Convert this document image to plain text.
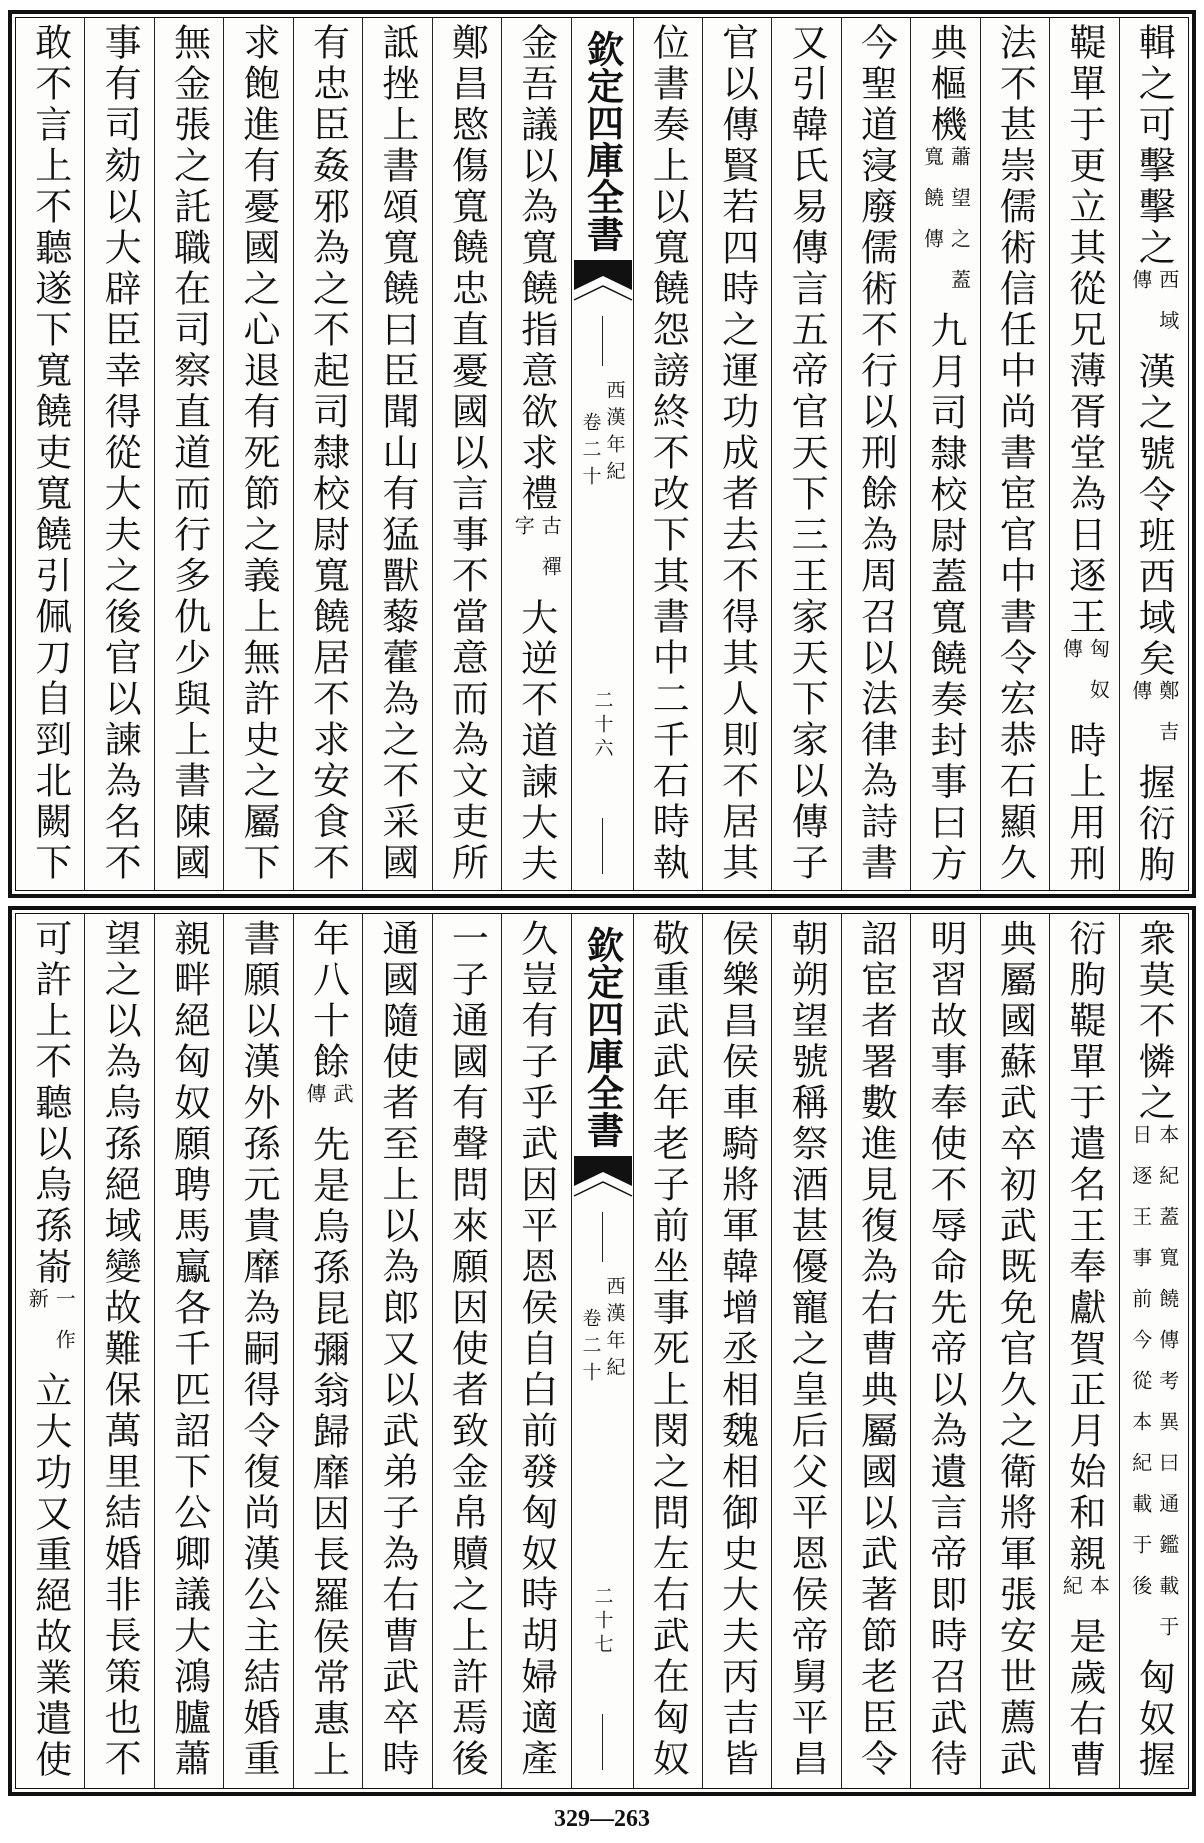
輯之可擊擊之
西域傳
漢之號令班西域矣
鄭吉傳
握衍朐
鞮單于更立其從兄薄胥堂為日逐王
匈奴傳
時上用刑
法不甚崇儒術信任中尚書宦官中書令宏恭石顯久
典樞機
蕭望之蓋寬饒傳
九月司隸校尉蓋寬饒奏封事曰方
今聖道寖廢儒術不行以刑餘為周召以法律為詩書
又引韓氏易傳言五帝官天下三王家天下家以傳子
官以傳賢若四時之運功成者去不得其人則不居其
位書奏上以寬饒怨謗終不改下其書中二千石時執
欽定四庫全書
西漢年紀
卷二十
二十六
金吾議以為寬饒指意欲求禮
古禪字
大逆不道諫大夫
鄭昌愍傷寬饒忠直憂國以言事不當意而為文吏所
詆挫上書頌寬饒曰臣聞山有猛獸藜藿為之不采國
有忠臣姦邪為之不起司隸校尉寬饒居不求安食不
求飽進有憂國之心退有死節之義上無許史之屬下
無金張之託職在司察直道而行多仇少與上書陳國
事有司劾以大辟臣幸得從大夫之後官以諫為名不
敢不言上不聽遂下寬饒吏寬饒引佩刀自剄北闕下
衆莫不憐之
本紀蓋寬饒傳考異曰通鑑載于日逐王事前今從本紀載于後
匈奴握
衍朐鞮單于遣名王奉獻賀正月始和親
本紀
是歲右曹
典屬國蘇武卒初武既免官久之衛將軍張安世薦武
明習故事奉使不辱命先帝以為遺言帝即時召武待
詔宦者署數進見復為右曹典屬國以武著節老臣令
朝朔望號稱祭酒甚優寵之皇后父平恩侯帝舅平昌
侯樂昌侯車騎將軍韓增丞相魏相御史大夫丙吉皆
敬重武武年老子前坐事死上閔之問左右武在匈奴
欽定四庫全書
西漢年紀
卷二十
二十七
久豈有子乎武因平恩侯自白前發匈奴時胡婦適產
一子通國有聲問來願因使者致金帛贖之上許焉後
通國隨使者至上以為郎又以武弟子為右曹武卒時
年八十餘
武傳
先是烏孫昆彌翁歸靡因長羅侯常惠上
書願以漢外孫元貴靡為嗣得令復尚漢公主結婚重
親畔絕匈奴願聘馬驘各千匹詔下公卿議大鴻臚蕭
望之以為烏孫絕域變故難保萬里結婚非長策也不
可許上不聽以烏孫嵛
一作新
立大功又重絕故業遣使
329—263
